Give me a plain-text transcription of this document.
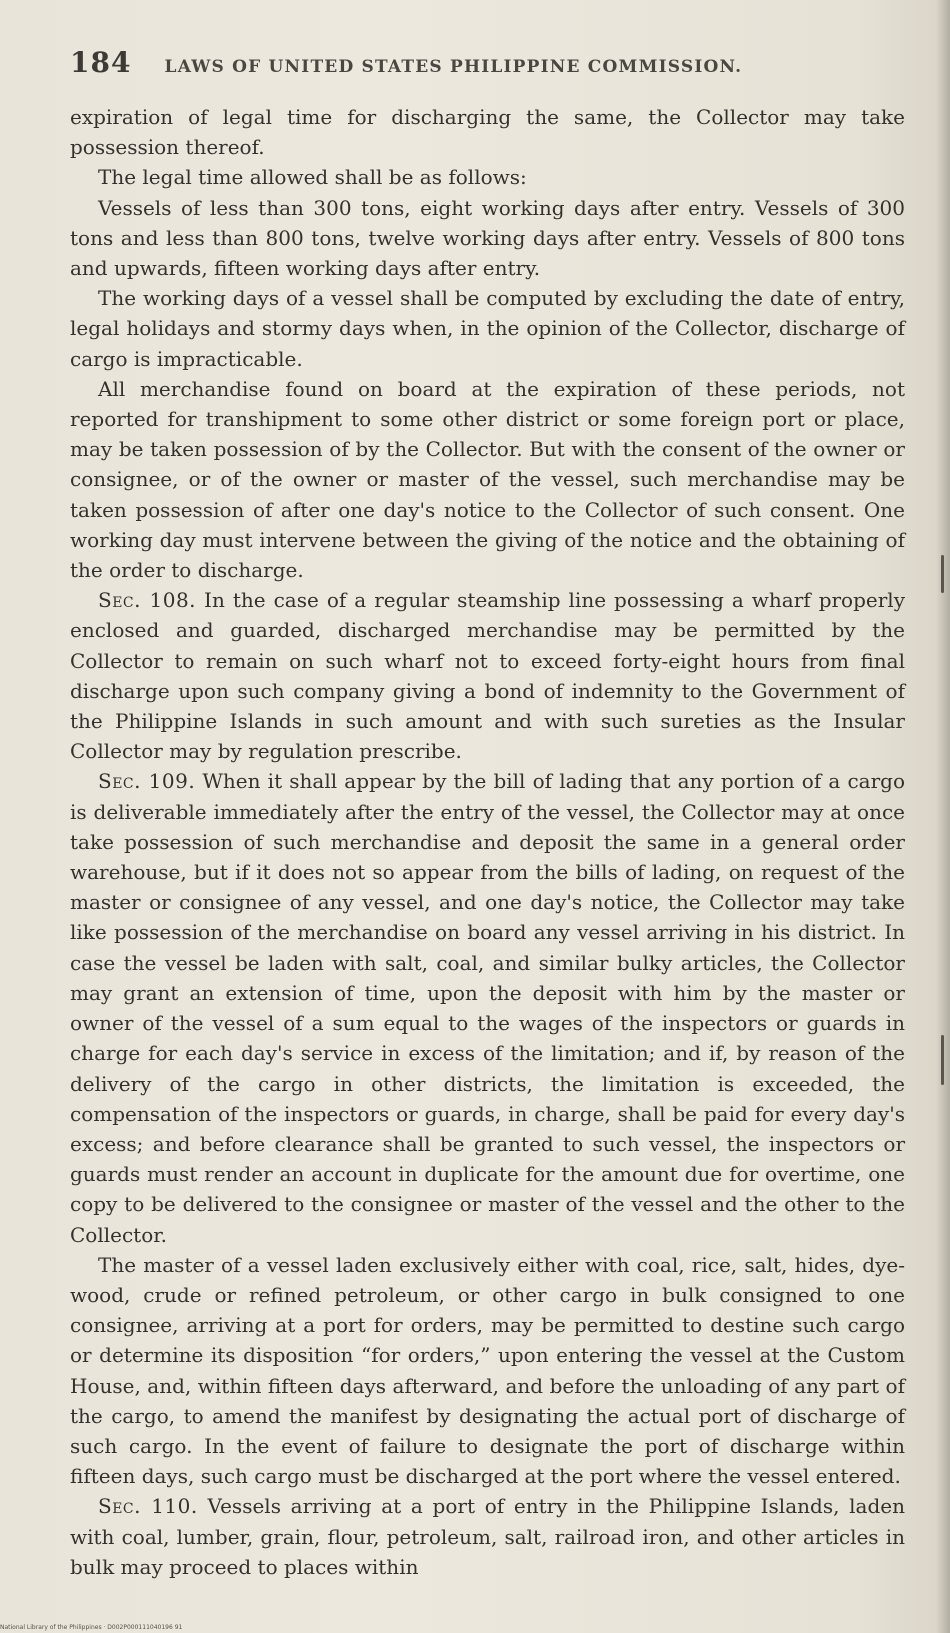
184 LAWS OF UNITED STATES PHILIPPINE COMMISSION.

expiration of legal time for discharging the same, the Collector may take possession thereof.

The legal time allowed shall be as follows:

Vessels of less than 300 tons, eight working days after entry. Vessels of 300 tons and less than 800 tons, twelve working days after entry. Vessels of 800 tons and upwards, fifteen working days after entry.

The working days of a vessel shall be computed by excluding the date of entry, legal holidays and stormy days when, in the opinion of the Collector, discharge of cargo is impracticable.

All merchandise found on board at the expiration of these periods, not reported for transhipment to some other district or some foreign port or place, may be taken possession of by the Collector. But with the consent of the owner or consignee, or of the owner or master of the vessel, such merchandise may be taken possession of after one day's notice to the Collector of such consent. One working day must intervene between the giving of the notice and the obtaining of the order to discharge.

Sec. 108. In the case of a regular steamship line possessing a wharf properly enclosed and guarded, discharged merchandise may be permitted by the Collector to remain on such wharf not to exceed forty-eight hours from final discharge upon such company giving a bond of indemnity to the Government of the Philippine Islands in such amount and with such sureties as the Insular Collector may by regulation prescribe.

Sec. 109. When it shall appear by the bill of lading that any portion of a cargo is deliverable immediately after the entry of the vessel, the Collector may at once take possession of such merchandise and deposit the same in a general order warehouse, but if it does not so appear from the bills of lading, on request of the master or consignee of any vessel, and one day's notice, the Collector may take like possession of the merchandise on board any vessel arriving in his district. In case the vessel be laden with salt, coal, and similar bulky articles, the Collector may grant an extension of time, upon the deposit with him by the master or owner of the vessel of a sum equal to the wages of the inspectors or guards in charge for each day's service in excess of the limitation; and if, by reason of the delivery of the cargo in other districts, the limitation is exceeded, the compensation of the inspectors or guards, in charge, shall be paid for every day's excess; and before clearance shall be granted to such vessel, the inspectors or guards must render an account in duplicate for the amount due for overtime, one copy to be delivered to the consignee or master of the vessel and the other to the Collector.

The master of a vessel laden exclusively either with coal, rice, salt, hides, dye-wood, crude or refined petroleum, or other cargo in bulk consigned to one consignee, arriving at a port for orders, may be permitted to destine such cargo or determine its disposition “for orders,” upon entering the vessel at the Custom House, and, within fifteen days afterward, and before the unloading of any part of the cargo, to amend the manifest by designating the actual port of discharge of such cargo. In the event of failure to designate the port of discharge within fifteen days, such cargo must be discharged at the port where the vessel entered.

Sec. 110. Vessels arriving at a port of entry in the Philippine Islands, laden with coal, lumber, grain, flour, petroleum, salt, railroad iron, and other articles in bulk may proceed to places within

National Library of the Philippines · D002P000111040196 91
